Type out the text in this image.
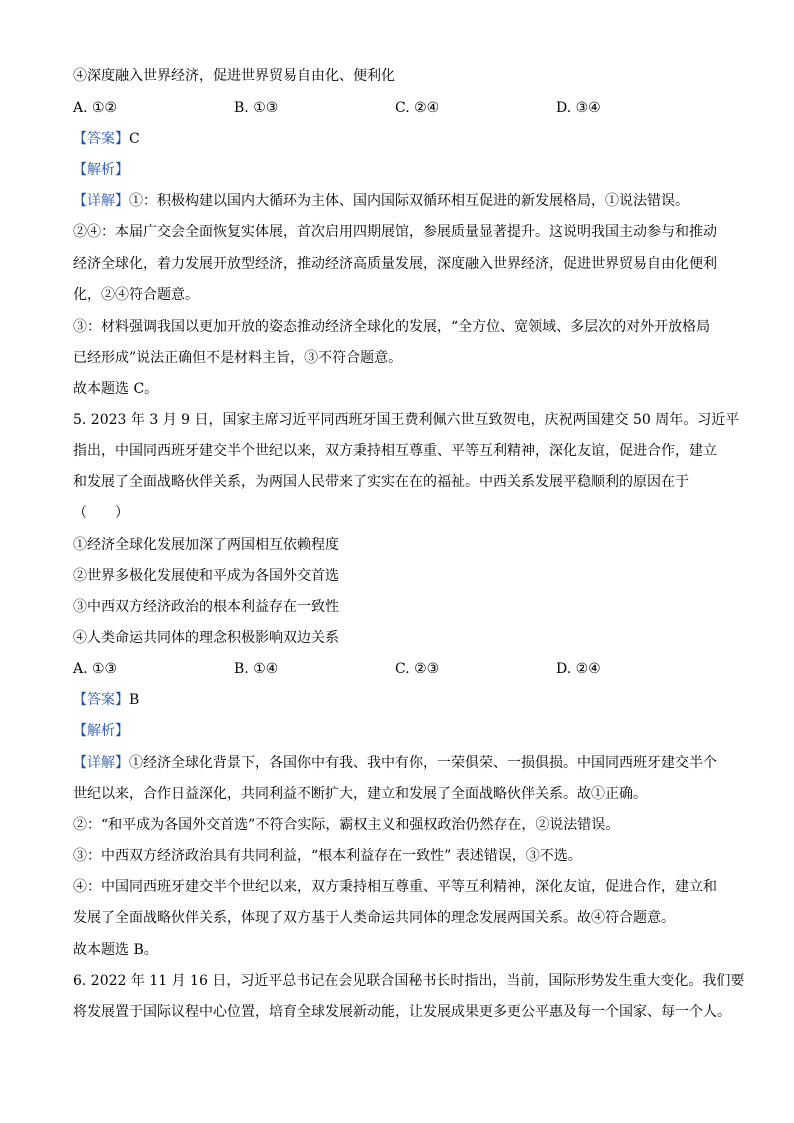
④深度融入世界经济，促进世界贸易自由化、便利化
A. ①②	B. ①③	C. ②④	D. ③④
【答案】C
【解析】
【详解】①：积极构建以国内大循环为主体、国内国际双循环相互促进的新发展格局，①说法错误。
②④：本届广交会全面恢复实体展，首次启用四期展馆，参展质量显著提升。这说明我国主动参与和推动
经济全球化，着力发展开放型经济，推动经济高质量发展，深度融入世界经济，促进世界贸易自由化便利
化，②④符合题意。
③：材料强调我国以更加开放的姿态推动经济全球化的发展，“全方位、宽领域、多层次的对外开放格局
已经形成”说法正确但不是材料主旨，③不符合题意。
故本题选 C。
5. 2023 年 3 月 9 日，国家主席习近平同西班牙国王费利佩六世互致贺电，庆祝两国建交 50 周年。习近平
指出，中国同西班牙建交半个世纪以来，双方秉持相互尊重、平等互利精神，深化友谊，促进合作，建立
和发展了全面战略伙伴关系，为两国人民带来了实实在在的福祉。中西关系发展平稳顺利的原因在于
（　　）
①经济全球化发展加深了两国相互依赖程度
②世界多极化发展使和平成为各国外交首选
③中西双方经济政治的根本利益存在一致性
④人类命运共同体的理念积极影响双边关系
A. ①③	B. ①④	C. ②③	D. ②④
【答案】B
【解析】
【详解】①经济全球化背景下，各国你中有我、我中有你，一荣俱荣、一损俱损。中国同西班牙建交半个
世纪以来，合作日益深化，共同利益不断扩大，建立和发展了全面战略伙伴关系。故①正确。
②：“和平成为各国外交首选”不符合实际，霸权主义和强权政治仍然存在，②说法错误。
③：中西双方经济政治具有共同利益，“根本利益存在一致性” 表述错误，③不选。
④：中国同西班牙建交半个世纪以来，双方秉持相互尊重、平等互利精神，深化友谊，促进合作，建立和
发展了全面战略伙伴关系，体现了双方基于人类命运共同体的理念发展两国关系。故④符合题意。
故本题选 B。
6. 2022 年 11 月 16 日，习近平总书记在会见联合国秘书长时指出，当前，国际形势发生重大变化。我们要
将发展置于国际议程中心位置，培育全球发展新动能，让发展成果更多更公平惠及每一个国家、每一个人。
